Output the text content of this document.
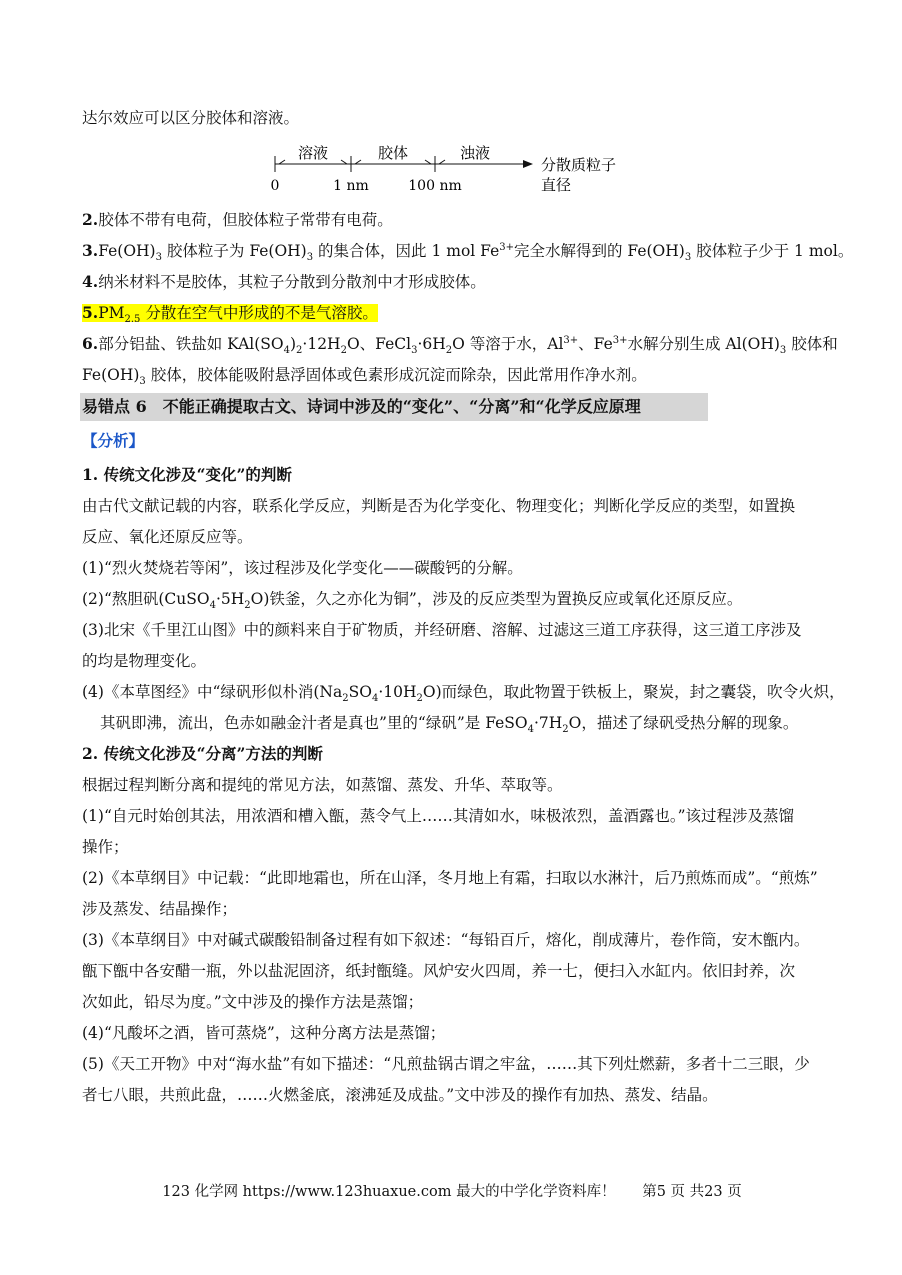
达尔效应可以区分胶体和溶液。
溶液	胶体	浊液
0	1 nm	100 nm
分散质粒子
直径
2.胶体不带有电荷，但胶体粒子常带有电荷。
$3.Fe(OH)_3$ 胶体粒子为 $Fe(OH)_3$ 的集合体，因此 1 mol $Fe^{3+}$完全水解得到的 $Fe(OH)_3$ 胶体粒子少于 1 mol。
4.纳米材料不是胶体，其粒子分散到分散剂中才形成胶体。
$5.PM_{2.5}$ 分散在空气中形成的不是气溶胶。
6.部分铝盐、铁盐如 $KAl(SO_4)_2\cdot 12H_2O$、$FeCl_3\cdot 6H_2O$ 等溶于水，$Al^{3+}$、$Fe^{3+}$水解分别生成 $Al(OH)_3$ 胶体和
$Fe(OH)_3$ 胶体，胶体能吸附悬浮固体或色素形成沉淀而除杂，因此常用作净水剂。
易错点 6　不能正确提取古文、诗词中涉及的“变化”、“分离”和“化学反应原理
【分析】
1. 传统文化涉及“变化”的判断
由古代文献记载的内容，联系化学反应，判断是否为化学变化、物理变化；判断化学反应的类型，如置换
反应、氧化还原反应等。
(1)“烈火焚烧若等闲”，该过程涉及化学变化——碳酸钙的分解。
(2)“熬胆矾$(CuSO_4\cdot 5H_2O)$铁釜，久之亦化为铜”，涉及的反应类型为置换反应或氧化还原反应。
(3)北宋《千里江山图》中的颜料来自于矿物质，并经研磨、溶解、过滤这三道工序获得，这三道工序涉及
的均是物理变化。
(4)《本草图经》中“绿矾形似朴消$(Na_2SO_4\cdot 10H_2O)$而绿色，取此物置于铁板上，聚炭，封之囊袋，吹令火炽，
其矾即沸，流出，色赤如融金汁者是真也”里的“绿矾”是 $FeSO_4\cdot 7H_2O$，描述了绿矾受热分解的现象。
2. 传统文化涉及“分离”方法的判断
根据过程判断分离和提纯的常见方法，如蒸馏、蒸发、升华、萃取等。
(1)“自元时始创其法，用浓酒和槽入甑，蒸令气上……其清如水，味极浓烈，盖酒露也。”该过程涉及蒸馏
操作；
(2)《本草纲目》中记载：“此即地霜也，所在山泽，冬月地上有霜，扫取以水淋汁，后乃煎炼而成”。“煎炼”
涉及蒸发、结晶操作；
(3)《本草纲目》中对碱式碳酸铅制备过程有如下叙述：“每铅百斤，熔化，削成薄片，卷作筒，安木甑内。
甑下甑中各安醋一瓶，外以盐泥固济，纸封甑缝。风炉安火四周，养一七，便扫入水缸内。依旧封养，次
次如此，铅尽为度。”文中涉及的操作方法是蒸馏；
(4)“凡酸坏之酒，皆可蒸烧”，这种分离方法是蒸馏；
(5)《天工开物》中对“海水盐”有如下描述：“凡煎盐锅古谓之牢盆，……其下列灶燃薪，多者十二三眼，少
者七八眼，共煎此盘，……火燃釜底，滚沸延及成盐。”文中涉及的操作有加热、蒸发、结晶。
123 化学网 https://www.123huaxue.com 最大的中学化学资料库！ 第5 页 共23 页
